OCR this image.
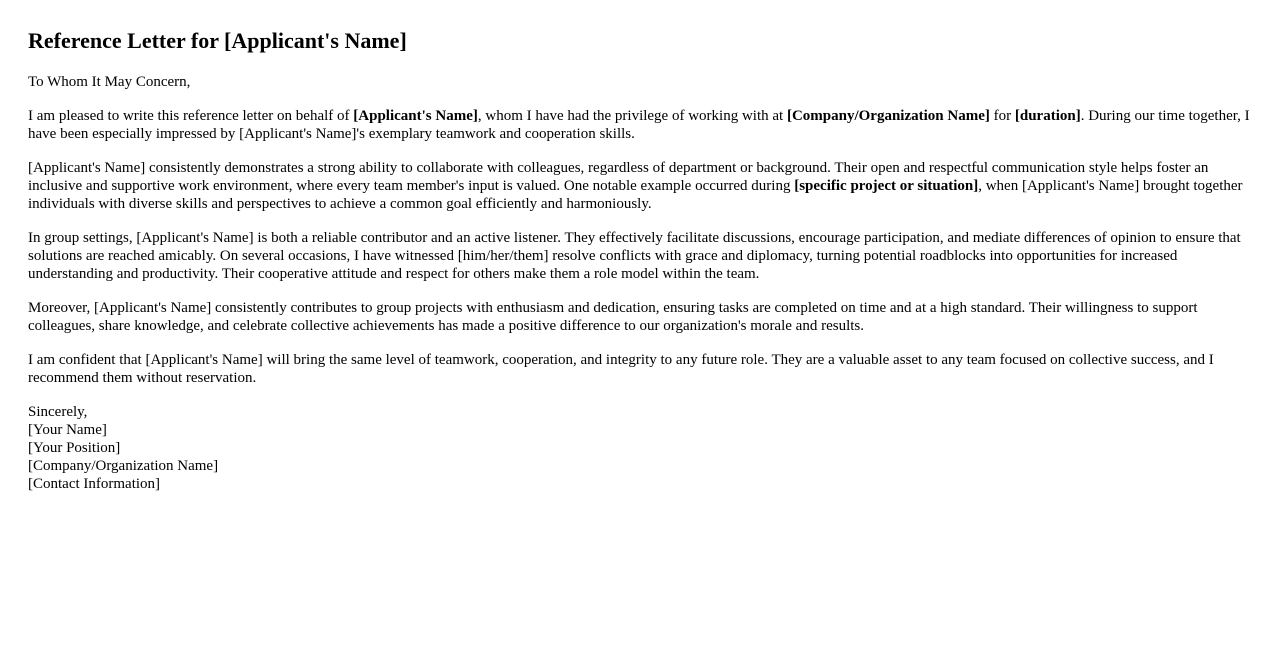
Reference Letter for [Applicant's Name]

To Whom It May Concern,

I am pleased to write this reference letter on behalf of [Applicant's Name], whom I have had the privilege of working with at [Company/Organization Name] for [duration]. During our time together, I have been especially impressed by [Applicant's Name]'s exemplary teamwork and cooperation skills.

[Applicant's Name] consistently demonstrates a strong ability to collaborate with colleagues, regardless of department or background. Their open and respectful communication style helps foster an inclusive and supportive work environment, where every team member's input is valued. One notable example occurred during [specific project or situation], when [Applicant's Name] brought together individuals with diverse skills and perspectives to achieve a common goal efficiently and harmoniously.

In group settings, [Applicant's Name] is both a reliable contributor and an active listener. They effectively facilitate discussions, encourage participation, and mediate differences of opinion to ensure that solutions are reached amicably. On several occasions, I have witnessed [him/her/them] resolve conflicts with grace and diplomacy, turning potential roadblocks into opportunities for increased understanding and productivity. Their cooperative attitude and respect for others make them a role model within the team.

Moreover, [Applicant's Name] consistently contributes to group projects with enthusiasm and dedication, ensuring tasks are completed on time and at a high standard. Their willingness to support colleagues, share knowledge, and celebrate collective achievements has made a positive difference to our organization's morale and results.

I am confident that [Applicant's Name] will bring the same level of teamwork, cooperation, and integrity to any future role. They are a valuable asset to any team focused on collective success, and I recommend them without reservation.

Sincerely,
[Your Name]
[Your Position]
[Company/Organization Name]
[Contact Information]
